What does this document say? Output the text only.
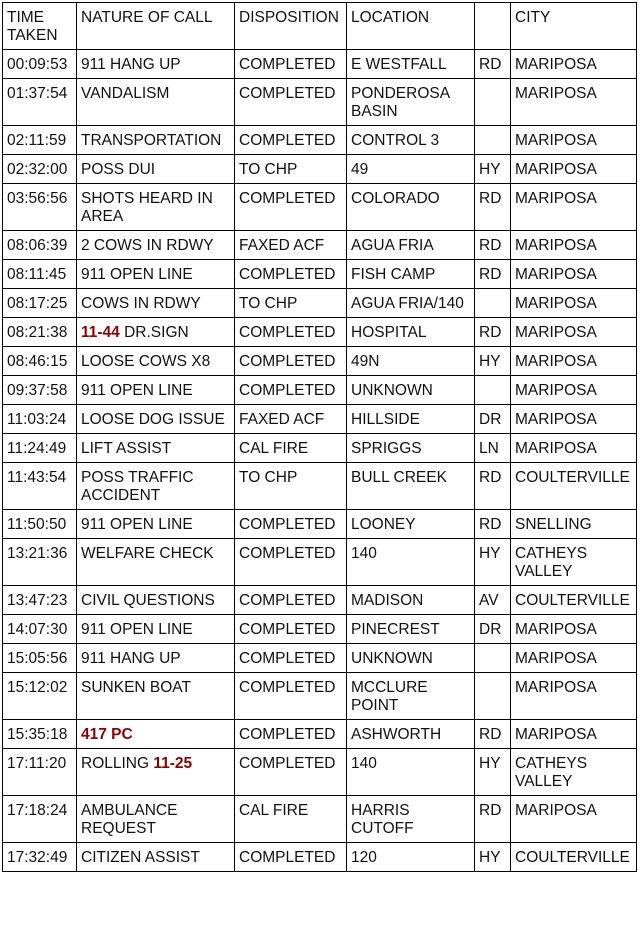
TIME TAKEN	NATURE OF CALL	DISPOSITION	LOCATION		CITY
00:09:53	911 HANG UP	COMPLETED	E WESTFALL	RD	MARIPOSA
01:37:54	VANDALISM	COMPLETED	PONDEROSA BASIN		MARIPOSA
02:11:59	TRANSPORTATION	COMPLETED	CONTROL 3		MARIPOSA
02:32:00	POSS DUI	TO CHP	49	HY	MARIPOSA
03:56:56	SHOTS HEARD IN AREA	COMPLETED	COLORADO	RD	MARIPOSA
08:06:39	2 COWS IN RDWY	FAXED ACF	AGUA FRIA	RD	MARIPOSA
08:11:45	911 OPEN LINE	COMPLETED	FISH CAMP	RD	MARIPOSA
08:17:25	COWS IN RDWY	TO CHP	AGUA FRIA/140		MARIPOSA
08:21:38	11-44 DR.SIGN	COMPLETED	HOSPITAL	RD	MARIPOSA
08:46:15	LOOSE COWS X8	COMPLETED	49N	HY	MARIPOSA
09:37:58	911 OPEN LINE	COMPLETED	UNKNOWN		MARIPOSA
11:03:24	LOOSE DOG ISSUE	FAXED ACF	HILLSIDE	DR	MARIPOSA
11:24:49	LIFT ASSIST	CAL FIRE	SPRIGGS	LN	MARIPOSA
11:43:54	POSS TRAFFIC ACCIDENT	TO CHP	BULL CREEK	RD	COULTERVILLE
11:50:50	911 OPEN LINE	COMPLETED	LOONEY	RD	SNELLING
13:21:36	WELFARE CHECK	COMPLETED	140	HY	CATHEYS VALLEY
13:47:23	CIVIL QUESTIONS	COMPLETED	MADISON	AV	COULTERVILLE
14:07:30	911 OPEN LINE	COMPLETED	PINECREST	DR	MARIPOSA
15:05:56	911 HANG UP	COMPLETED	UNKNOWN		MARIPOSA
15:12:02	SUNKEN BOAT	COMPLETED	MCCLURE POINT		MARIPOSA
15:35:18	417 PC	COMPLETED	ASHWORTH	RD	MARIPOSA
17:11:20	ROLLING 11-25	COMPLETED	140	HY	CATHEYS VALLEY
17:18:24	AMBULANCE REQUEST	CAL FIRE	HARRIS CUTOFF	RD	MARIPOSA
17:32:49	CITIZEN ASSIST	COMPLETED	120	HY	COULTERVILLE
